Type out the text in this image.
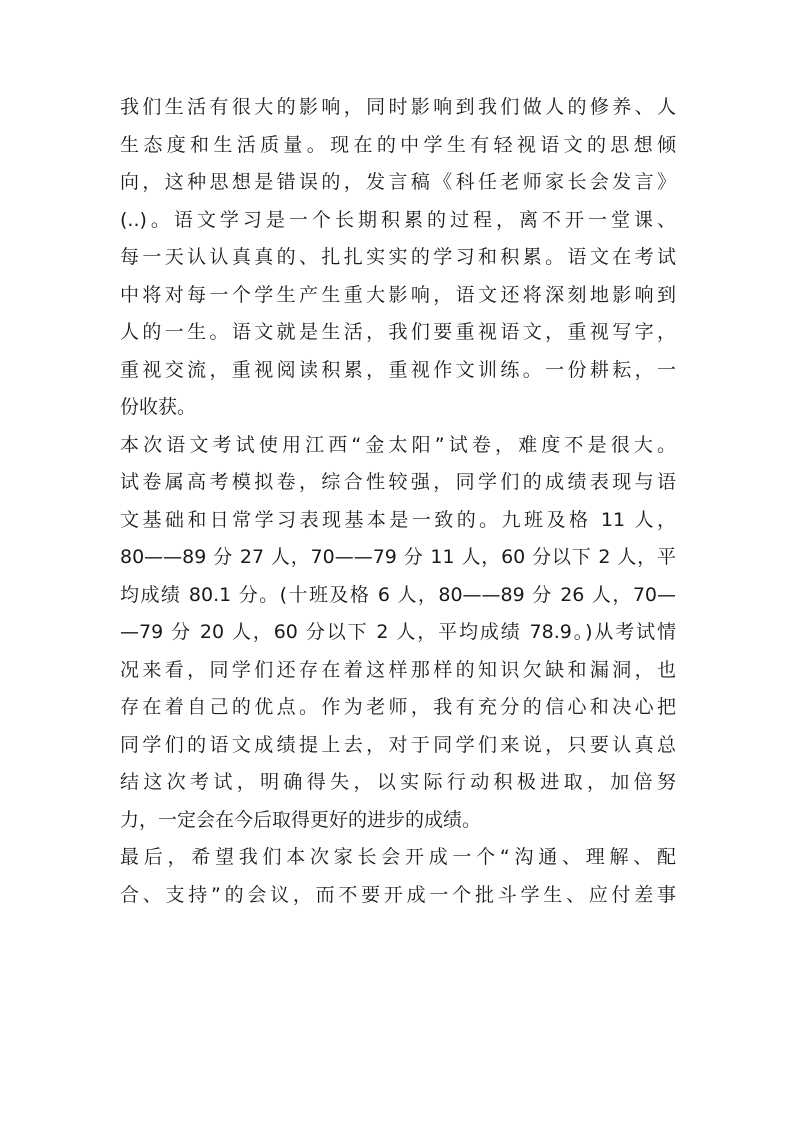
我们生活有很大的影响，同时影响到我们做人的修养、人
生态度和生活质量。现在的中学生有轻视语文的思想倾
向，这种思想是错误的，发言稿《科任老师家长会发言》
(..)。语文学习是一个长期积累的过程，离不开一堂课、
每一天认认真真的、扎扎实实的学习和积累。语文在考试
中将对每一个学生产生重大影响，语文还将深刻地影响到
人的一生。语文就是生活，我们要重视语文，重视写字，
重视交流，重视阅读积累，重视作文训练。一份耕耘，一
份收获。
本次语文考试使用江西“金太阳”试卷，难度不是很大。
试卷属高考模拟卷，综合性较强，同学们的成绩表现与语
文基础和日常学习表现基本是一致的。九班及格 11 人，
80——89 分 27 人，70——79 分 11 人，60 分以下 2 人，平
均成绩 80.1 分。(十班及格 6 人，80——89 分 26 人，70—
—79 分 20 人，60 分以下 2 人，平均成绩 78.9。)从考试情
况来看，同学们还存在着这样那样的知识欠缺和漏洞，也
存在着自己的优点。作为老师，我有充分的信心和决心把
同学们的语文成绩提上去，对于同学们来说，只要认真总
结这次考试，明确得失，以实际行动积极进取，加倍努
力，一定会在今后取得更好的进步的成绩。
最后，希望我们本次家长会开成一个“沟通、理解、配
合、支持”的会议，而不要开成一个批斗学生、应付差事
